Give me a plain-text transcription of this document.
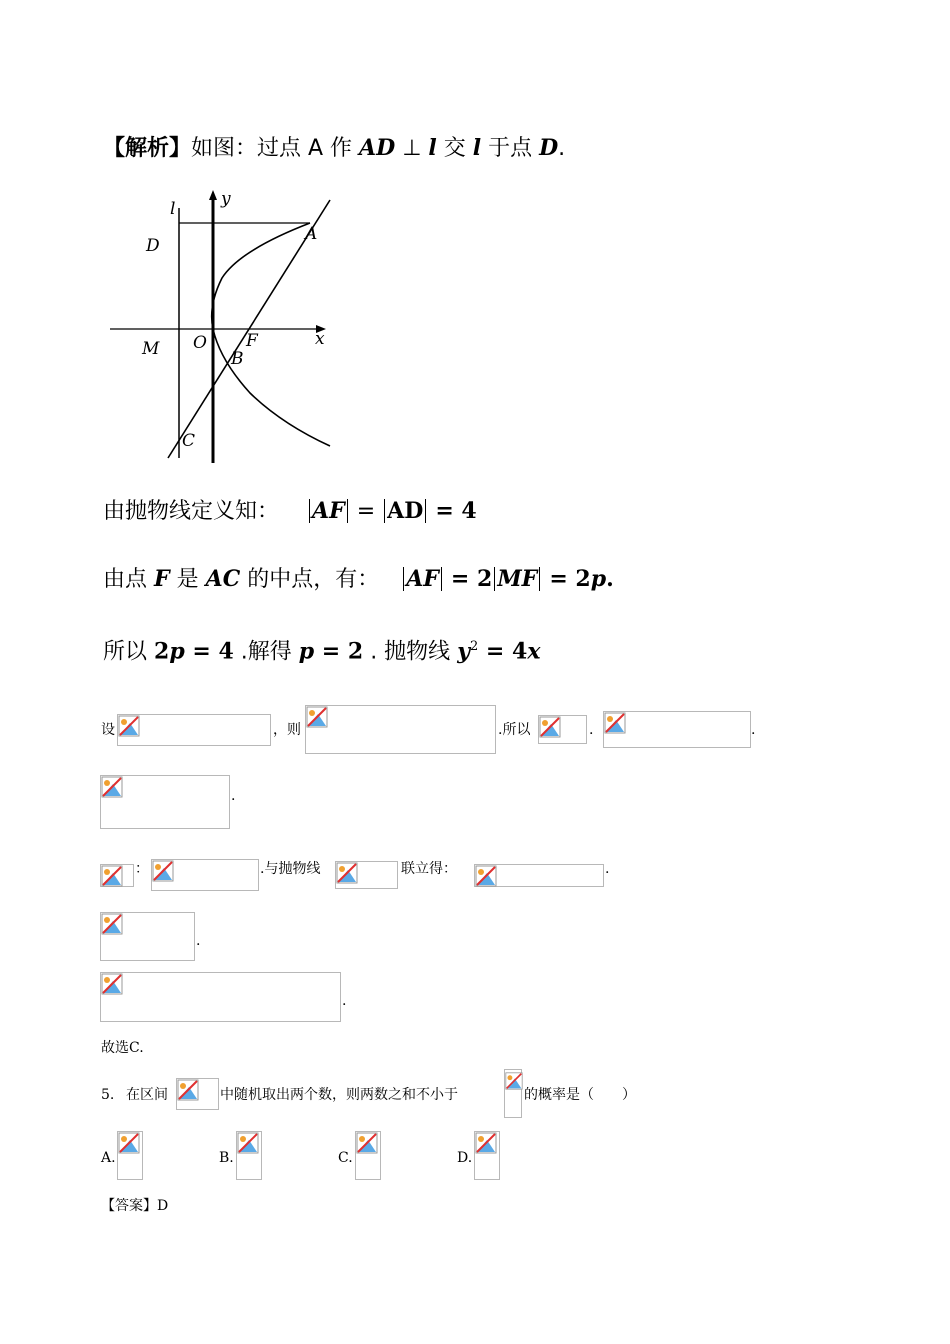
【解析】如图：过点 A 作 AD ⊥ l 交 l 于点 D.
l	y
D
A
M O F
B
x
C
由抛物线定义知： AF = AD = 4
由点 F 是 AC 的中点，有： AF = 2 MF = 2p.
所以 2p = 4 .解得 p = 2 . 抛物线 $y^2 = 4x$
设	，则	.所以	.	.
.
：	.与抛物线	联立得：	.
.
.
故选C.
5. 在区间	中随机取出两个数，则两数之和不小于	的概率是（　　）
A.	B.	C.	D.
【答案】D
